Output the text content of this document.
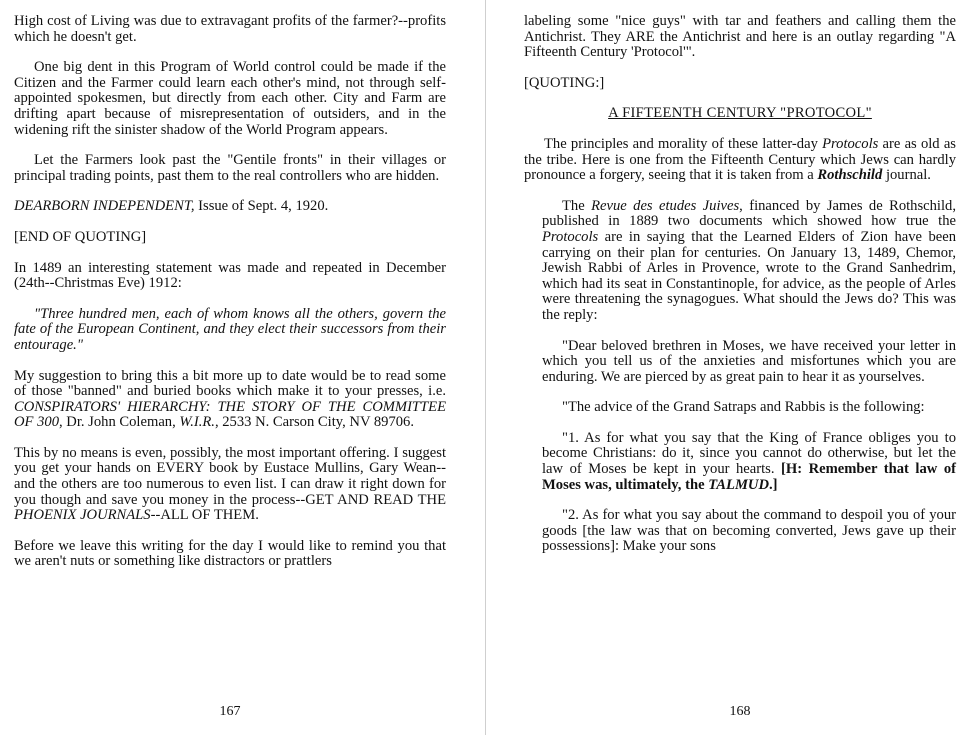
High cost of Living was due to extravagant profits of the farmer?--profits which he doesn't get.

One big dent in this Program of World control could be made if the Citizen and the Farmer could learn each other's mind, not through self-appointed spokesmen, but directly from each other. City and Farm are drifting apart because of misrepresentation of outsiders, and in the widening rift the sinister shadow of the World Program appears.

Let the Farmers look past the "Gentile fronts" in their villages or principal trading points, past them to the real controllers who are hidden.

DEARBORN INDEPENDENT, Issue of Sept. 4, 1920.

[END OF QUOTING]

In 1489 an interesting statement was made and repeated in December (24th--Christmas Eve) 1912:

"Three hundred men, each of whom knows all the others, govern the fate of the European Continent, and they elect their successors from their entourage."

My suggestion to bring this a bit more up to date would be to read some of those "banned" and buried books which make it to your presses, i.e. CONSPIRATORS' HIERARCHY: THE STORY OF THE COMMITTEE OF 300, Dr. John Coleman, W.I.R., 2533 N. Carson City, NV 89706.

This by no means is even, possibly, the most important offering. I suggest you get your hands on EVERY book by Eustace Mullins, Gary Wean--and the others are too numerous to even list. I can draw it right down for you though and save you money in the process--GET AND READ THE PHOENIX JOURNALS--ALL OF THEM.

Before we leave this writing for the day I would like to remind you that we aren't nuts or something like distractors or prattlers

167

labeling some "nice guys" with tar and feathers and calling them the Antichrist. They ARE the Antichrist and here is an outlay regarding "A Fifteenth Century 'Protocol'".

[QUOTING:]

A FIFTEENTH CENTURY "PROTOCOL"

The principles and morality of these latter-day Protocols are as old as the tribe. Here is one from the Fifteenth Century which Jews can hardly pronounce a forgery, seeing that it is taken from a Rothschild journal.

The Revue des etudes Juives, financed by James de Rothschild, published in 1889 two documents which showed how true the Protocols are in saying that the Learned Elders of Zion have been carrying on their plan for centuries. On January 13, 1489, Chemor, Jewish Rabbi of Arles in Provence, wrote to the Grand Sanhedrim, which had its seat in Constantinople, for advice, as the people of Arles were threatening the synagogues. What should the Jews do? This was the reply:

"Dear beloved brethren in Moses, we have received your letter in which you tell us of the anxieties and misfortunes which you are enduring. We are pierced by as great pain to hear it as yourselves.

"The advice of the Grand Satraps and Rabbis is the following:

"1. As for what you say that the King of France obliges you to become Christians: do it, since you cannot do otherwise, but let the law of Moses be kept in your hearts. [H: Remember that law of Moses was, ultimately, the TALMUD.]

"2. As for what you say about the command to despoil you of your goods [the law was that on becoming converted, Jews gave up their possessions]: Make your sons

168
